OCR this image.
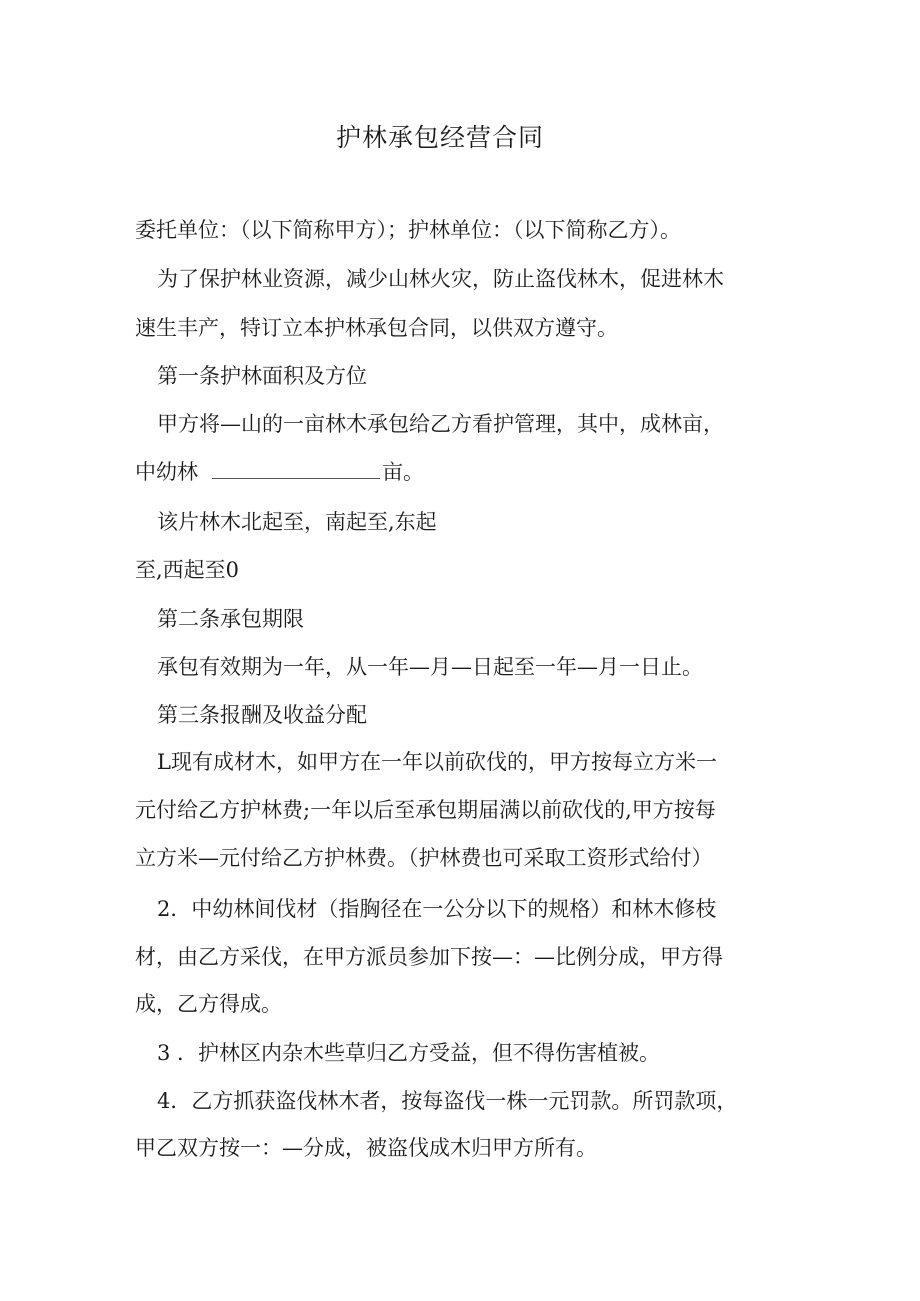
护林承包经营合同
委托单位：（以下简称甲方）；护林单位：（以下简称乙方）。
为了保护林业资源，减少山林火灾，防止盗伐林木，促进林木
速生丰产，特订立本护林承包合同，以供双方遵守。
第一条护林面积及方位
甲方将—山的一亩林木承包给乙方看护管理，其中，成林亩，
中幼林	亩。
该片林木北起至，南起至,东起
至,西起至0
第二条承包期限
承包有效期为一年，从一年—月—日起至一年—月一日止。
第三条报酬及收益分配
L现有成材木，如甲方在一年以前砍伐的，甲方按每立方米一
元付给乙方护林费;一年以后至承包期届满以前砍伐的,甲方按每
立方米—元付给乙方护林费。（护林费也可采取工资形式给付）
2．中幼林间伐材（指胸径在一公分以下的规格）和林木修枝
材，由乙方采伐，在甲方派员参加下按—：—比例分成，甲方得
成，乙方得成。
3 ．护林区内杂木些草归乙方受益，但不得伤害植被。
4．乙方抓获盗伐林木者，按每盗伐一株一元罚款。所罚款项，
甲乙双方按一：—分成，被盗伐成木归甲方所有。
